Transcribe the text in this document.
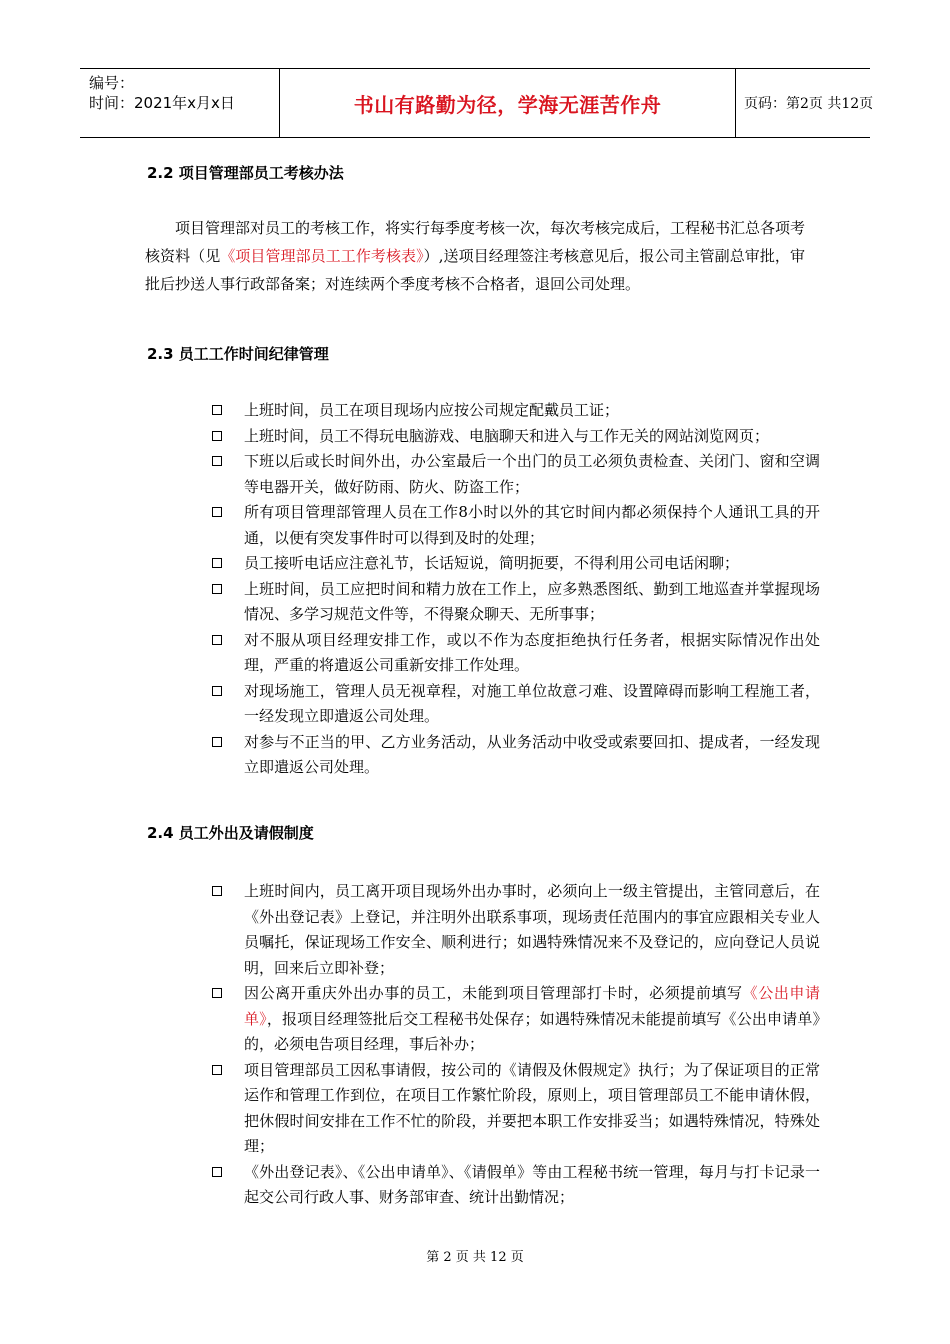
编号：
时间：2021年x月x日	书山有路勤为径，学海无涯苦作舟	页码：第2页 共12页
2.2 项目管理部员工考核办法
项目管理部对员工的考核工作，将实行每季度考核一次，每次考核完成后，工程秘书汇总各项考核资料（见《项目管理部员工工作考核表》）,送项目经理签注考核意见后，报公司主管副总审批，审批后抄送人事行政部备案；对连续两个季度考核不合格者，退回公司处理。
2.3 员工工作时间纪律管理
上班时间，员工在项目现场内应按公司规定配戴员工证；
上班时间，员工不得玩电脑游戏、电脑聊天和进入与工作无关的网站浏览网页；
下班以后或长时间外出，办公室最后一个出门的员工必须负责检查、关闭门、窗和空调等电器开关，做好防雨、防火、防盗工作；
所有项目管理部管理人员在工作8小时以外的其它时间内都必须保持个人通讯工具的开通，以便有突发事件时可以得到及时的处理；
员工接听电话应注意礼节，长话短说，简明扼要，不得利用公司电话闲聊；
上班时间，员工应把时间和精力放在工作上，应多熟悉图纸、勤到工地巡查并掌握现场情况、多学习规范文件等，不得聚众聊天、无所事事；
对不服从项目经理安排工作，或以不作为态度拒绝执行任务者，根据实际情况作出处理，严重的将遣返公司重新安排工作处理。
对现场施工，管理人员无视章程，对施工单位故意刁难、设置障碍而影响工程施工者，一经发现立即遣返公司处理。
对参与不正当的甲、乙方业务活动，从业务活动中收受或索要回扣、提成者，一经发现立即遣返公司处理。
2.4 员工外出及请假制度
上班时间内，员工离开项目现场外出办事时，必须向上一级主管提出，主管同意后，在《外出登记表》上登记，并注明外出联系事项，现场责任范围内的事宜应跟相关专业人员嘱托，保证现场工作安全、顺利进行；如遇特殊情况来不及登记的，应向登记人员说明，回来后立即补登；
因公离开重庆外出办事的员工，未能到项目管理部打卡时，必须提前填写《公出申请单》，报项目经理签批后交工程秘书处保存；如遇特殊情况未能提前填写《公出申请单》的，必须电告项目经理，事后补办；
项目管理部员工因私事请假，按公司的《请假及休假规定》执行；为了保证项目的正常运作和管理工作到位，在项目工作繁忙阶段，原则上，项目管理部员工不能申请休假，把休假时间安排在工作不忙的阶段，并要把本职工作安排妥当；如遇特殊情况，特殊处理；
《外出登记表》、《公出申请单》、《请假单》等由工程秘书统一管理，每月与打卡记录一起交公司行政人事、财务部审查、统计出勤情况；
第 2 页 共 12 页
